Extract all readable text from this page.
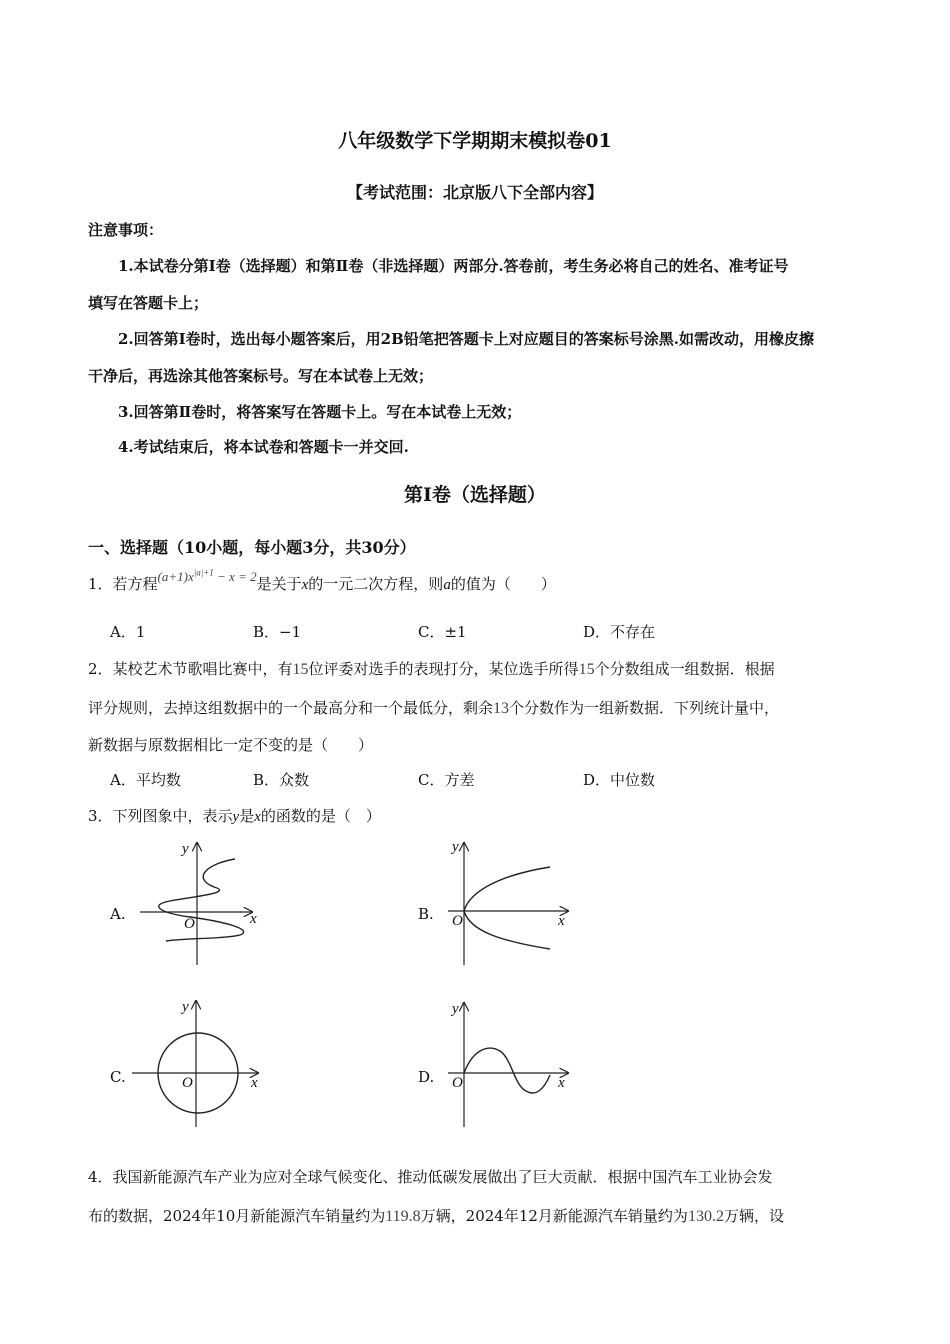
八年级数学下学期期末模拟卷01
【考试范围：北京版八下全部内容】
注意事项：
1.本试卷分第Ⅰ卷（选择题）和第Ⅱ卷（非选择题）两部分.答卷前，考生务必将自己的姓名、准考证号
填写在答题卡上；
2.回答第Ⅰ卷时，选出每小题答案后，用2B铅笔把答题卡上对应题目的答案标号涂黑.如需改动，用橡皮擦
干净后，再选涂其他答案标号。写在本试卷上无效；
3.回答第Ⅱ卷时，将答案写在答题卡上。写在本试卷上无效；
4.考试结束后，将本试卷和答题卡一并交回.
第I卷（选择题）
一、选择题（10小题，每小题3分，共30分）
1．若方程$(a+1)x^{|a|+1} - x = 2$是关于x的一元二次方程，则a的值为（　　）
A．1	B．−1	C．±1	D．不存在
2．某校艺术节歌唱比赛中，有15位评委对选手的表现打分，某位选手所得15个分数组成一组数据．根据
评分规则，去掉这组数据中的一个最高分和一个最低分，剩余13个分数作为一组新数据．下列统计量中，
新数据与原数据相比一定不变的是（　　）
A．平均数	B．众数	C．方差	D．中位数
3．下列图象中，表示y是x的函数的是（　）
A.
y
x
O
B.
y
x
O
C.
y
x
O	D.
y
x
O
4．我国新能源汽车产业为应对全球气候变化、推动低碳发展做出了巨大贡献．根据中国汽车工业协会发
布的数据，2024年10月新能源汽车销量约为119.8万辆，2024年12月新能源汽车销量约为130.2万辆，设
